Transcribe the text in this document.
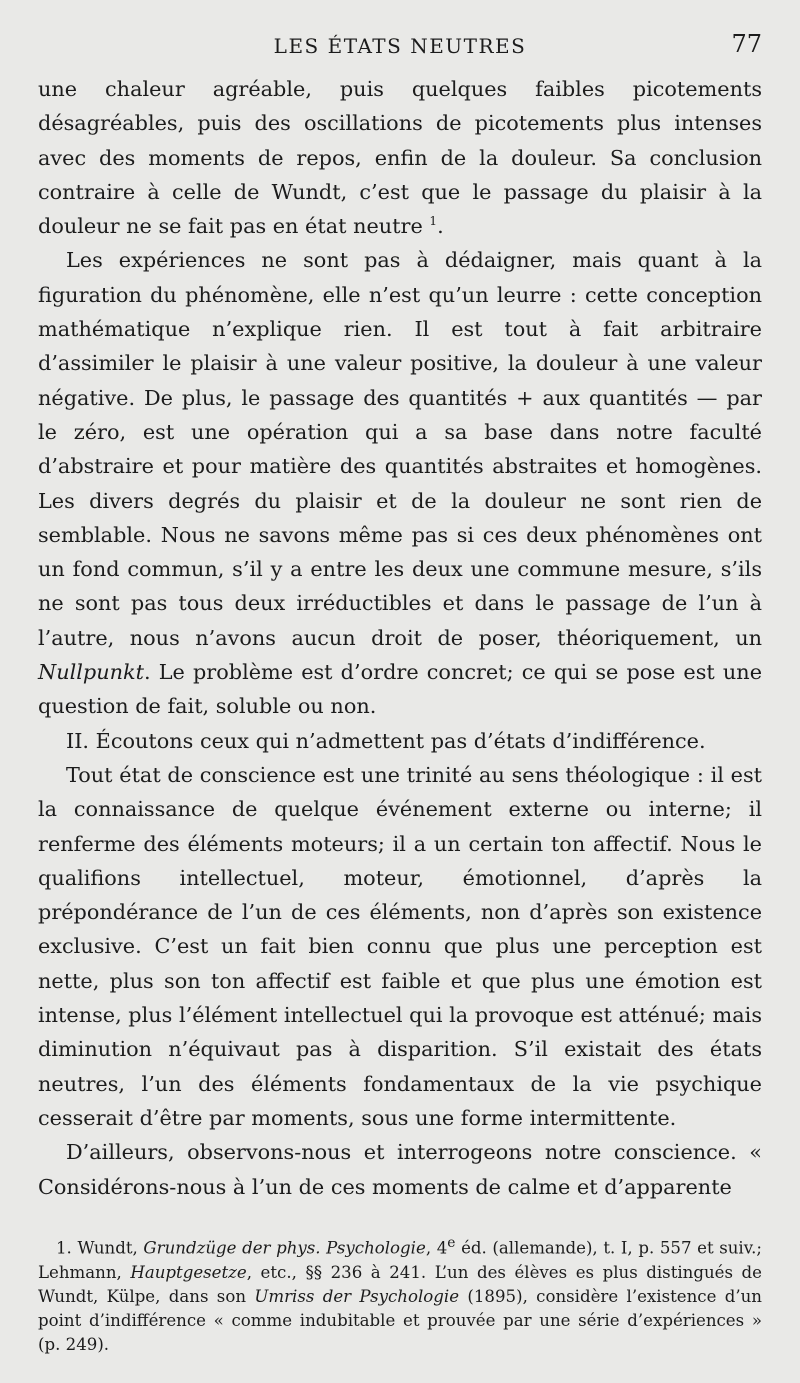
LES ÉTATS NEUTRES	77

une chaleur agréable, puis quelques faibles picotements désagréables, puis des oscillations de picotements plus intenses avec des moments de repos, enfin de la douleur. Sa conclusion contraire à celle de Wundt, c’est que le passage du plaisir à la douleur ne se fait pas en état neutre $^1$.

Les expériences ne sont pas à dédaigner, mais quant à la figuration du phénomène, elle n’est qu’un leurre : cette conception mathématique n’explique rien. Il est tout à fait arbitraire d’assimiler le plaisir à une valeur positive, la douleur à une valeur négative. De plus, le passage des quantités + aux quantités — par le zéro, est une opération qui a sa base dans notre faculté d’abstraire et pour matière des quantités abstraites et homogènes. Les divers degrés du plaisir et de la douleur ne sont rien de semblable. Nous ne savons même pas si ces deux phénomènes ont un fond commun, s’il y a entre les deux une commune mesure, s’ils ne sont pas tous deux irréductibles et dans le passage de l’un à l’autre, nous n’avons aucun droit de poser, théoriquement, un Nullpunkt. Le problème est d’ordre concret; ce qui se pose est une question de fait, soluble ou non.

II. Écoutons ceux qui n’admettent pas d’états d’indifférence.

Tout état de conscience est une trinité au sens théologique : il est la connaissance de quelque événement externe ou interne; il renferme des éléments moteurs; il a un certain ton affectif. Nous le qualifions intellectuel, moteur, émotionnel, d’après la prépondérance de l’un de ces éléments, non d’après son existence exclusive. C’est un fait bien connu que plus une perception est nette, plus son ton affectif est faible et que plus une émotion est intense, plus l’élément intellectuel qui la provoque est atténué; mais diminution n’équivaut pas à disparition. S’il existait des états neutres, l’un des éléments fondamentaux de la vie psychique cesserait d’être par moments, sous une forme intermittente.

D’ailleurs, observons-nous et interrogeons notre conscience. « Considérons-nous à l’un de ces moments de calme et d’apparente

1. Wundt, Grundzüge der phys. Psychologie, 4e éd. (allemande), t. I, p. 557 et suiv.; Lehmann, Hauptgesetze, etc., §§ 236 à 241. L’un des élèves es plus distingués de Wundt, Külpe, dans son Umriss der Psychologie (1895), considère l’existence d’un point d’indifférence « comme indubitable et prouvée par une série d’expériences » (p. 249).
